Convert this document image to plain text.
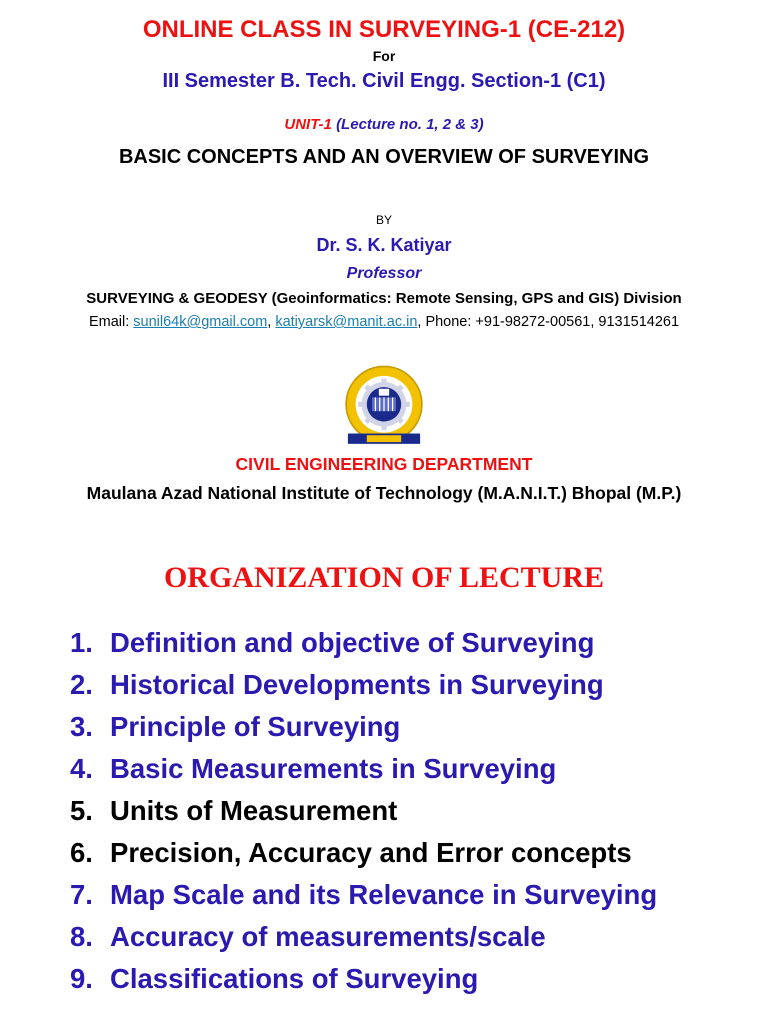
ONLINE CLASS IN SURVEYING-1 (CE-212)
For
III Semester B. Tech. Civil Engg. Section-1 (C1)
UNIT-1 (Lecture no. 1, 2 & 3)
BASIC CONCEPTS AND AN OVERVIEW OF SURVEYING
BY
Dr. S. K. Katiyar
Professor
SURVEYING & GEODESY (Geoinformatics: Remote Sensing, GPS and GIS) Division
Email: sunil64k@gmail.com, katiyarsk@manit.ac.in, Phone: +91-98272-00561, 9131514261
CIVIL ENGINEERING DEPARTMENT
Maulana Azad National Institute of Technology (M.A.N.I.T.) Bhopal (M.P.)
ORGANIZATION OF LECTURE
1. Definition and objective of Surveying
2. Historical Developments in Surveying
3. Principle of Surveying
4. Basic Measurements in Surveying
5. Units of Measurement
6. Precision, Accuracy and Error concepts
7. Map Scale and its Relevance in Surveying
8. Accuracy of measurements/scale
9. Classifications of Surveying
